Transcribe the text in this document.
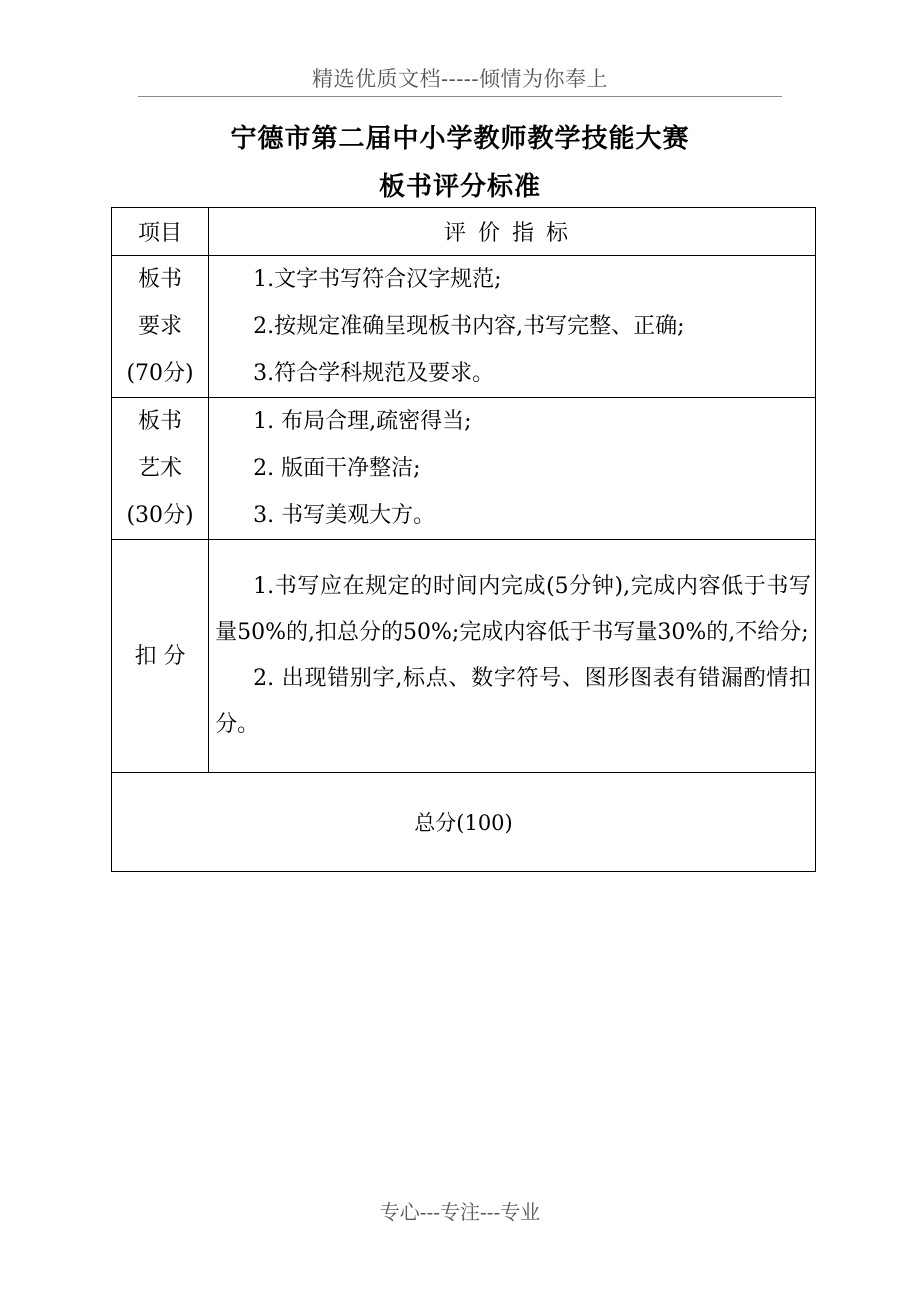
精选优质文档-----倾情为你奉上
宁德市第二届中小学教师教学技能大赛
板书评分标准
项目	评价指标

板书
要求
(70分)	1.文字书写符合汉字规范;
2.按规定准确呈现板书内容,书写完整、正确;
3.符合学科规范及要求。

板书
艺术
(30分)	1. 布局合理,疏密得当;
2. 版面干净整洁;
3. 书写美观大方。

扣 分	1.书写应在规定的时间内完成(5分钟),完成内容低于书写量50%的,扣总分的50%;完成内容低于书写量30%的,不给分;
2. 出现错别字,标点、数字符号、图形图表有错漏酌情扣分。

总分(100)	
专心---专注---专业
